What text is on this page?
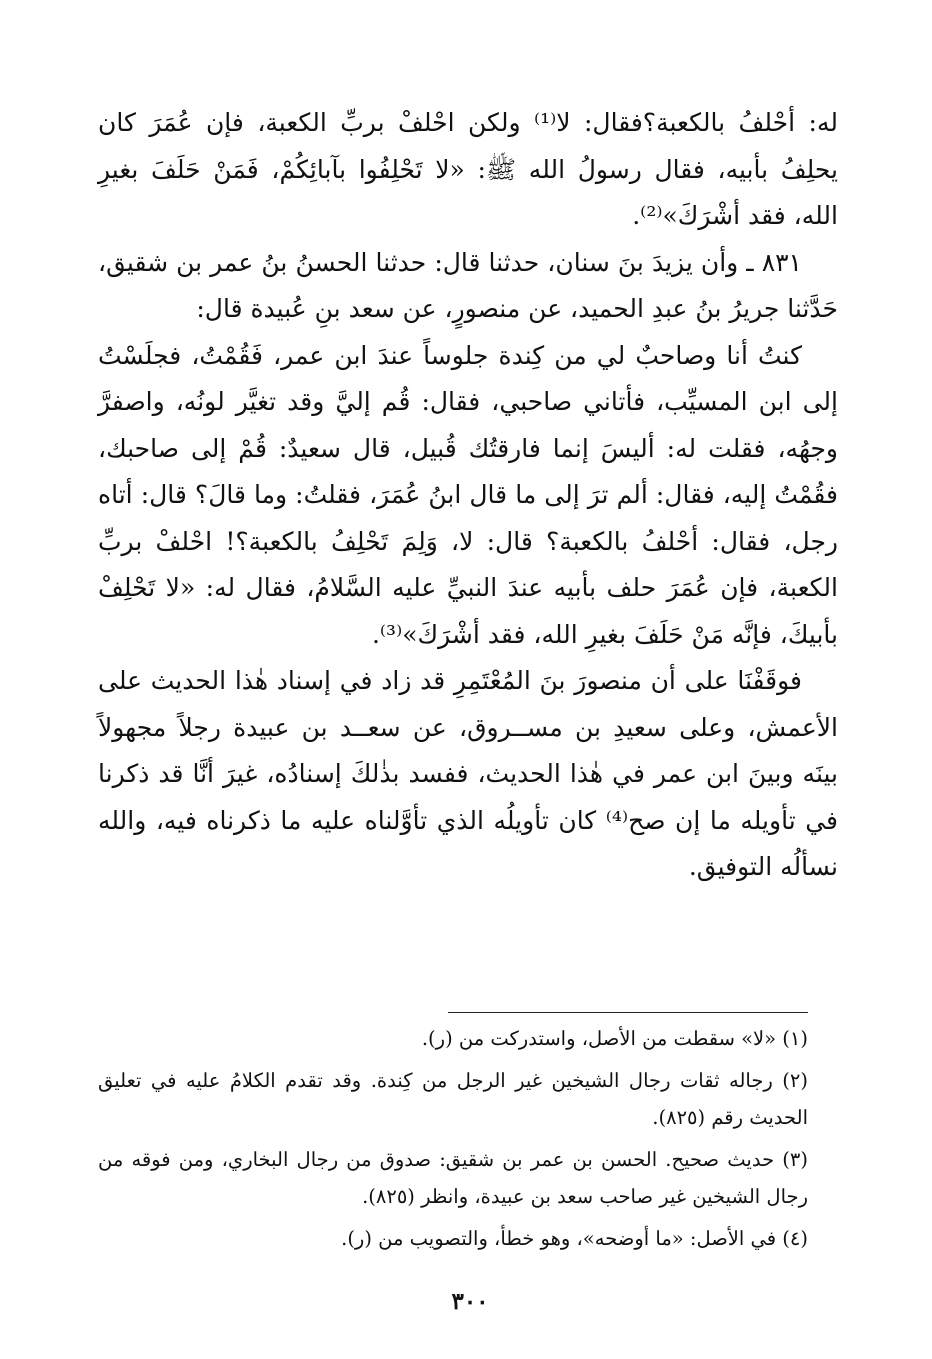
له: أحْلفُ بالكعبة؟فقال: لا⁽¹⁾ ولكن احْلفْ بربِّ الكعبة، فإن عُمَرَ كان يحلِفُ بأبيه، فقال رسولُ الله ﷺ: «لا تَحْلِفُوا بآبائِكُمْ، فَمَنْ حَلَفَ بغيرِ الله، فقد أشْرَكَ»⁽²⁾.

٨٣١ ـ وأن يزيدَ بنَ سنان، حدثنا قال: حدثنا الحسنُ بنُ عمر بن شقيق، حَدَّثنا جريرُ بنُ عبدِ الحميد، عن منصورٍ، عن سعد بنِ عُبيدة قال:

كنتُ أنا وصاحبٌ لي من كِندة جلوساً عندَ ابن عمر، فَقُمْتُ، فجلَسْتُ إلى ابن المسيِّب، فأتاني صاحبي، فقال: قُم إليَّ وقد تغيَّر لونُه، واصفرَّ وجهُه، فقلت له: أليسَ إنما فارقتُك قُبيل، قال سعيدٌ: قُمْ إلى صاحبك، فقُمْتُ إليه، فقال: ألم ترَ إلى ما قال ابنُ عُمَرَ، فقلتُ: وما قالَ؟ قال: أتاه رجل، فقال: أحْلفُ بالكعبة؟ قال: لا، وَلِمَ تَحْلِفُ بالكعبة؟! احْلفْ بربِّ الكعبة، فإن عُمَرَ حلف بأبيه عندَ النبيِّ عليه السَّلامُ، فقال له: «لا تَحْلِفْ بأبيكَ، فإنَّه مَنْ حَلَفَ بغيرِ الله، فقد أشْرَكَ»⁽³⁾.

فوقَفْنَا على أن منصورَ بنَ المُعْتَمِرِ قد زاد في إسناد هٰذا الحديث على الأعمش، وعلى سعيدِ بن مســروق، عن سعــد بن عبيدة رجلاً مجهولاً بينَه وبينَ ابن عمر في هٰذا الحديث، ففسد بذٰلكَ إسنادُه، غيرَ أنَّا قد ذكرنا في تأويله ما إن صح⁽⁴⁾ كان تأويلُه الذي تأوَّلناه عليه ما ذكرناه فيه، والله نسألُه التوفيق.

(١) «لا» سقطت من الأصل، واستدركت من (ر).

(٢) رجاله ثقات رجال الشيخين غير الرجل من كِندة. وقد تقدم الكلامُ عليه في تعليق الحديث رقم (٨٢٥).

(٣) حديث صحيح. الحسن بن عمر بن شقيق: صدوق من رجال البخاري، ومن فوقه من رجال الشيخين غير صاحب سعد بن عبيدة، وانظر (٨٢٥).

(٤) في الأصل: «ما أوضحه»، وهو خطأ، والتصويب من (ر).

٣٠٠
